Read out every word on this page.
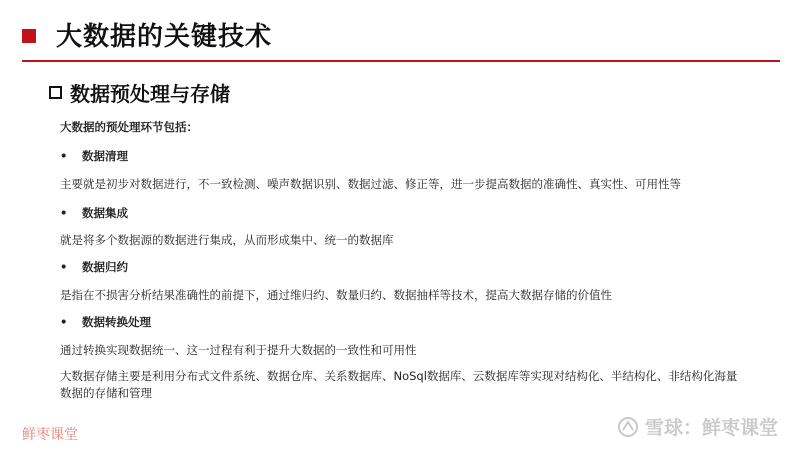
大数据的关键技术
数据预处理与存储
大数据的预处理环节包括：
• 数据清理
主要就是初步对数据进行，不一致检测、噪声数据识别、数据过滤、修正等，进一步提高数据的准确性、真实性、可用性等
• 数据集成
就是将多个数据源的数据进行集成，从而形成集中、统一的数据库
• 数据归约
是指在不损害分析结果准确性的前提下，通过维归约、数量归约、数据抽样等技术，提高大数据存储的价值性
• 数据转换处理
通过转换实现数据统一、这一过程有利于提升大数据的一致性和可用性
大数据存储主要是利用分布式文件系统、数据仓库、关系数据库、NoSql数据库、云数据库等实现对结构化、半结构化、非结构化海量
数据的存储和管理
鲜枣课堂	雪球：鲜枣课堂
